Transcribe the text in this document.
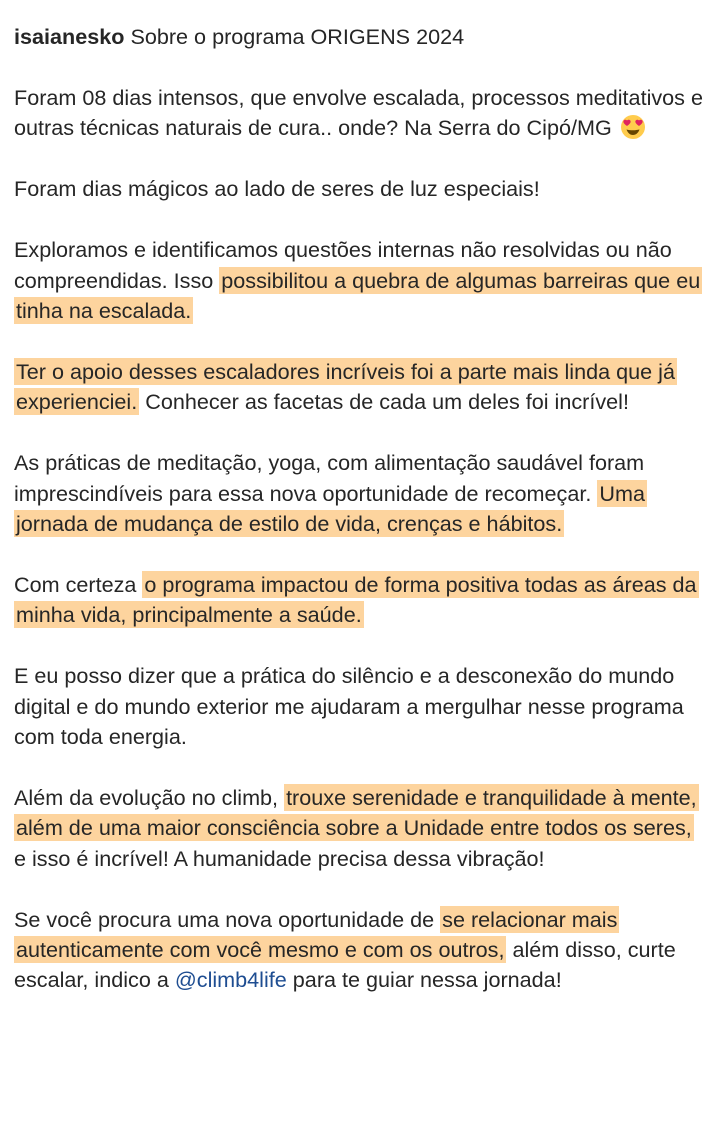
isaianesko Sobre o programa ORIGENS 2024

Foram 08 dias intensos, que envolve escalada, processos meditativos e outras técnicas naturais de cura.. onde? Na Serra do Cipó/MG

Foram dias mágicos ao lado de seres de luz especiais!

Exploramos e identificamos questões internas não resolvidas ou não compreendidas. Isso possibilitou a quebra de algumas barreiras que eu tinha na escalada.

Ter o apoio desses escaladores incríveis foi a parte mais linda que já experienciei. Conhecer as facetas de cada um deles foi incrível!

As práticas de meditação, yoga, com alimentação saudável foram imprescindíveis para essa nova oportunidade de recomeçar. Uma jornada de mudança de estilo de vida, crenças e hábitos.

Com certeza o programa impactou de forma positiva todas as áreas da minha vida, principalmente a saúde.

E eu posso dizer que a prática do silêncio e a desconexão do mundo digital e do mundo exterior me ajudaram a mergulhar nesse programa com toda energia.

Além da evolução no climb, trouxe serenidade e tranquilidade à mente, além de uma maior consciência sobre a Unidade entre todos os seres, e isso é incrível! A humanidade precisa dessa vibração!

Se você procura uma nova oportunidade de se relacionar mais autenticamente com você mesmo e com os outros, além disso, curte escalar, indico a @climb4life para te guiar nessa jornada!
